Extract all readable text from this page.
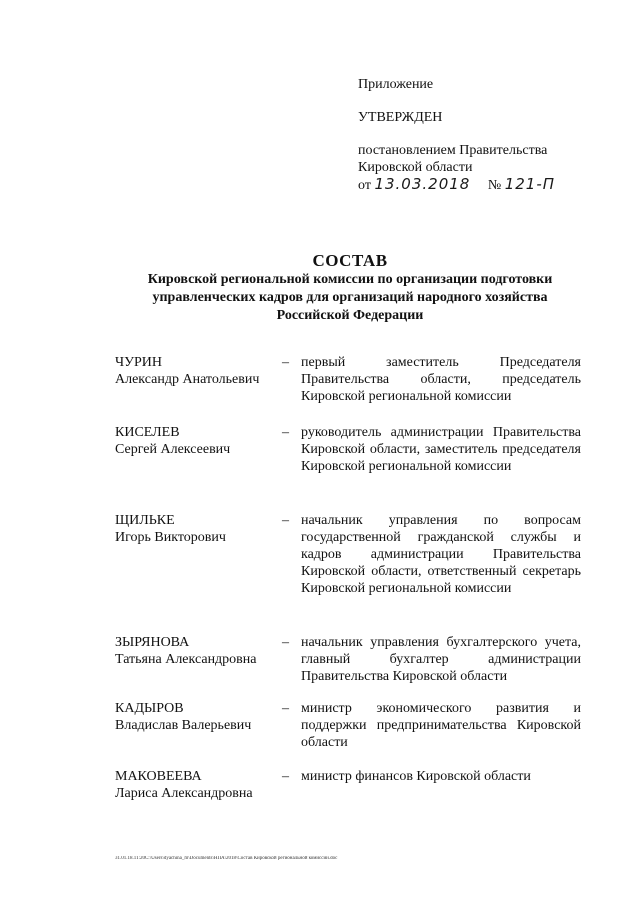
Приложение
УТВЕРЖДЕН
постановлением Правительства
Кировской области
от 13.03.2018 № 121-П
СОСТАВ
Кировской региональной комиссии по организации подготовки
управленческих кадров для организаций народного хозяйства
Российской Федерации
ЧУРИН
Александр Анатольевич
– первый заместитель Председателя Правительства области, председатель Кировской региональной комиссии
КИСЕЛЕВ
Сергей Алексеевич
– руководитель администрации Правительства Кировской области, заместитель председателя Кировской региональной комиссии
ЩИЛЬКЕ
Игорь Викторович
– начальник управления по вопросам государственной гражданской службы и кадров администрации Правительства Кировской области, ответственный секретарь Кировской региональной комиссии
ЗЫРЯНОВА
Татьяна Александровна
– начальник управления бухгалтерского учета, главный бухгалтер администрации Правительства Кировской области
КАДЫРОВ
Владислав Валерьевич
– министр экономического развития и поддержки предпринимательства Кировской области
МАКОВЕЕВА
Лариса Александровна
– министр финансов Кировской области
31.01.18.11:20С:\Users\dyachina_m\Documents\НПА\2018\Состав Кировской региональной комиссии.doc
